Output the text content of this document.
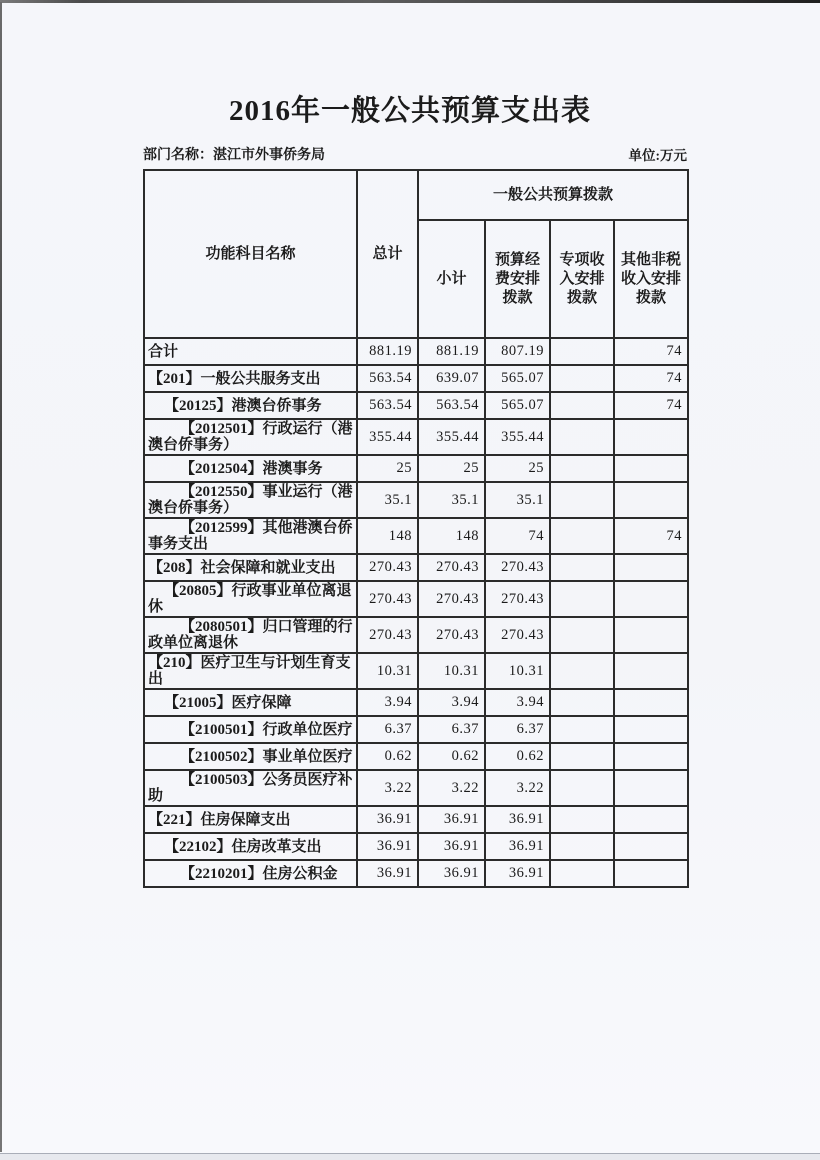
2016年一般公共预算支出表
部门名称：湛江市外事侨务局	单位:万元
功能科目名称	总计	一般公共预算拨款			
		小计	预算经费安排拨款	专项收入安排拨款	其他非税收入安排拨款
合计	881.19	881.19	807.19		74
【201】一般公共服务支出	563.54	639.07	565.07		74
【20125】港澳台侨事务	563.54	563.54	565.07		74
【2012501】行政运行（港澳台侨事务）	355.44	355.44	355.44		
【2012504】港澳事务	25	25	25		
【2012550】事业运行（港澳台侨事务）	35.1	35.1	35.1		
【2012599】其他港澳台侨事务支出	148	148	74		74
【208】社会保障和就业支出	270.43	270.43	270.43		
【20805】行政事业单位离退休	270.43	270.43	270.43		
【2080501】归口管理的行政单位离退休	270.43	270.43	270.43		
【210】医疗卫生与计划生育支出	10.31	10.31	10.31		
【21005】医疗保障	3.94	3.94	3.94		
【2100501】行政单位医疗	6.37	6.37	6.37		
【2100502】事业单位医疗	0.62	0.62	0.62		
【2100503】公务员医疗补助	3.22	3.22	3.22		
【221】住房保障支出	36.91	36.91	36.91		
【22102】住房改革支出	36.91	36.91	36.91		
【2210201】住房公积金	36.91	36.91	36.91		
